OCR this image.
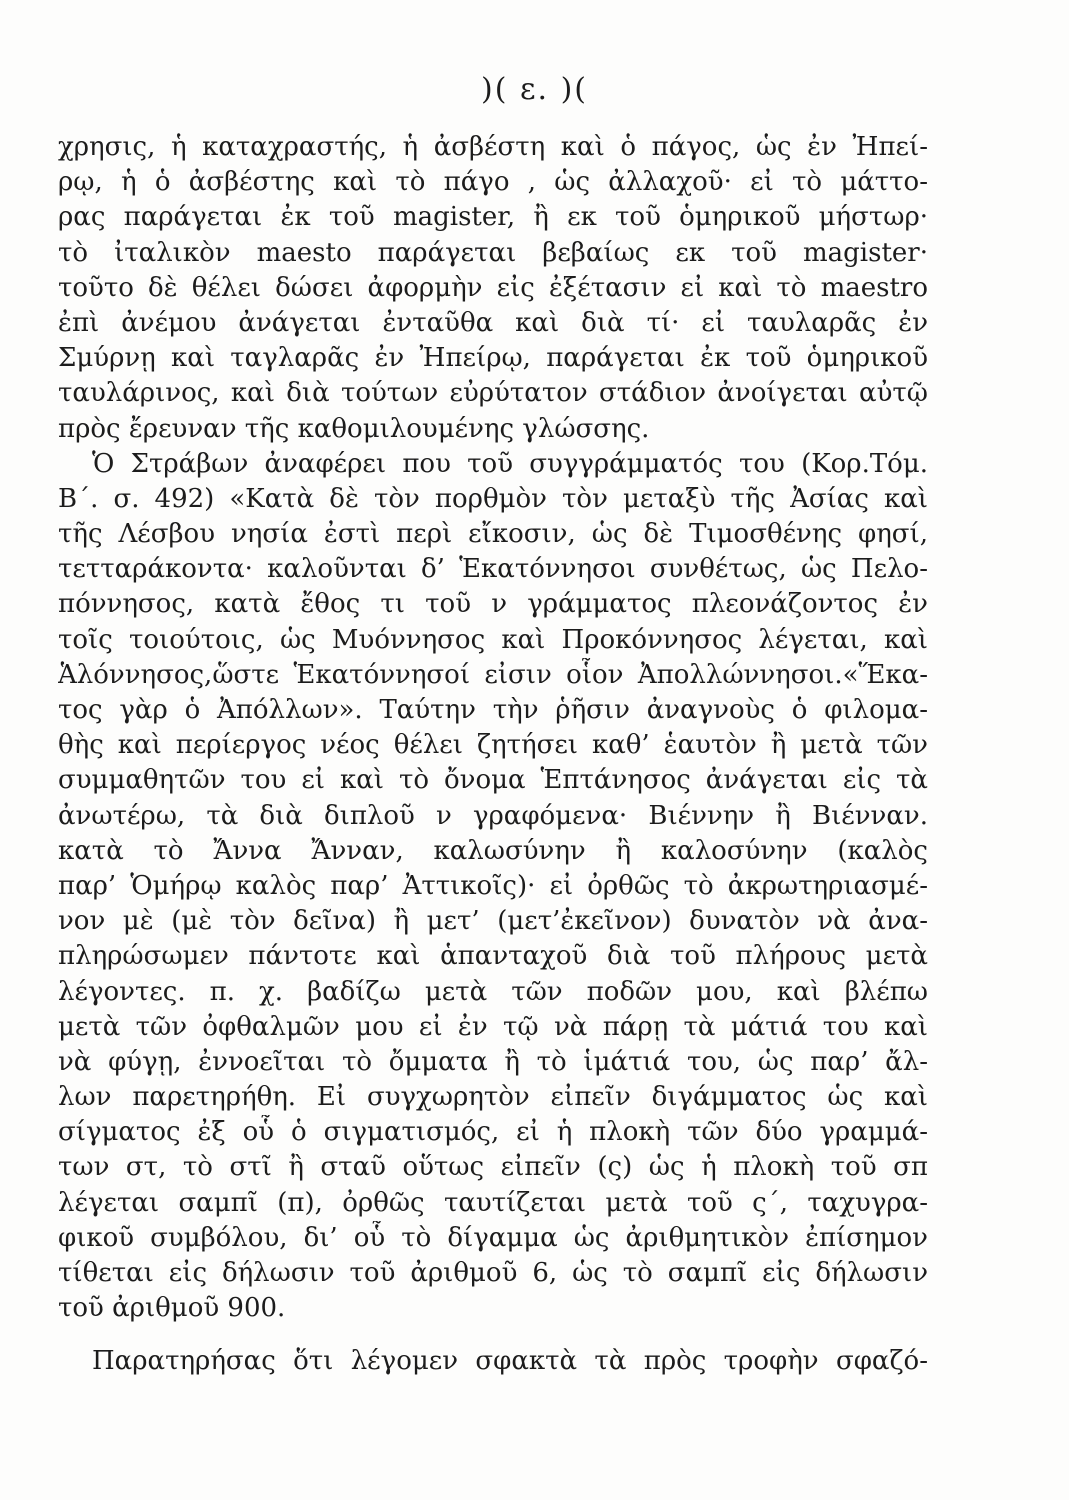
)( ε. )(
χρησις, ἡ καταχραστής, ἡ ἀσβέστη καὶ ὁ πάγος, ὡς ἐν Ἠπεί-
ρῳ, ἡ ὁ ἀσβέστης καὶ τὸ πάγο , ὡς ἀλλαχοῦ· εἰ τὸ μάττο-
ρας παράγεται ἐκ τοῦ magister, ἢ εκ τοῦ ὁμηρικοῦ μήστωρ·
τὸ ἰταλικὸν maesto παράγεται βεβαίως εκ τοῦ magister·
τοῦτο δὲ θέλει δώσει ἀφορμὴν εἰς ἐξέτασιν εἰ καὶ τὸ maestro
ἐπὶ ἀνέμου ἀνάγεται ἐνταῦθα καὶ διὰ τί· εἰ ταυλαρᾶς ἐν
Σμύρνῃ καὶ ταγλαρᾶς ἐν Ἠπείρῳ, παράγεται ἐκ τοῦ ὁμηρικοῦ
ταυλάρινος, καὶ διὰ τούτων εὐρύτατον στάδιον ἀνοίγεται αὐτῷ
πρὸς ἔρευναν τῆς καθομιλουμένης γλώσσης.
Ὁ Στράβων ἀναφέρει που τοῦ συγγράμματός του (Κορ.Τόμ.
Β΄. σ. 492) «Κατὰ δὲ τὸν πορθμὸν τὸν μεταξὺ τῆς Ἀσίας καὶ
τῆς Λέσβου νησία ἐστὶ περὶ εἴκοσιν, ὡς δὲ Τιμοσθένης φησί,
τετταράκοντα· καλοῦνται δ’ Ἑκατόννησοι συνθέτως, ὡς Πελο-
πόννησος, κατὰ ἔθος τι τοῦ ν γράμματος πλεονάζοντος ἐν
τοῖς τοιούτοις, ὡς Μυόννησος καὶ Προκόννησος λέγεται, καὶ
Ἁλόννησος,ὥστε Ἑκατόννησοί εἰσιν οἷον Ἀπολλώννησοι.«Ἕκα-
τος γὰρ ὁ Ἀπόλλων». Ταύτην τὴν ῥῆσιν ἀναγνοὺς ὁ φιλομα-
θὴς καὶ περίεργος νέος θέλει ζητήσει καθ’ ἑαυτὸν ἢ μετὰ τῶν
συμμαθητῶν του εἰ καὶ τὸ ὄνομα Ἑπτάνησος ἀνάγεται εἰς τὰ
ἀνωτέρω, τὰ διὰ διπλοῦ ν γραφόμενα· Βιέννην ἢ Βιένναν.
κατὰ τὸ Ἄννα Ἄνναν, καλωσύνην ἢ καλοσύνην (καλὸς
παρ’ Ὁμήρῳ καλὸς παρ’ Ἀττικοῖς)· εἰ ὀρθῶς τὸ ἀκρωτηριασμέ-
νον μὲ (μὲ τὸν δεῖνα) ἢ μετ’ (μετ’ἐκεῖνον) δυνατὸν νὰ ἀνα-
πληρώσωμεν πάντοτε καὶ ἁπανταχοῦ διὰ τοῦ πλήρους μετὰ
λέγοντες. π. χ. βαδίζω μετὰ τῶν ποδῶν μου, καὶ βλέπω
μετὰ τῶν ὀφθαλμῶν μου εἰ ἐν τῷ νὰ πάρῃ τὰ μάτιά του καὶ
νὰ φύγῃ, ἐννοεῖται τὸ ὄμματα ἢ τὸ ἱμάτιά του, ὡς παρ’ ἄλ-
λων παρετηρήθη. Εἰ συγχωρητὸν εἰπεῖν διγάμματος ὡς καὶ
σίγματος ἐξ οὗ ὁ σιγματισμός, εἰ ἡ πλοκὴ τῶν δύο γραμμά-
των στ, τὸ στῖ ἢ σταῦ οὕτως εἰπεῖν (ς) ὡς ἡ πλοκὴ τοῦ σπ
λέγεται σαμπῖ (π), ὀρθῶς ταυτίζεται μετὰ τοῦ ς΄, ταχυγρα-
φικοῦ συμβόλου, δι’ οὗ τὸ δίγαμμα ὡς ἀριθμητικὸν ἐπίσημον
τίθεται εἰς δήλωσιν τοῦ ἀριθμοῦ 6, ὡς τὸ σαμπῖ εἰς δήλωσιν
τοῦ ἀριθμοῦ 900.
Παρατηρήσας ὅτι λέγομεν σφακτὰ τὰ πρὸς τροφὴν σφαζό-
